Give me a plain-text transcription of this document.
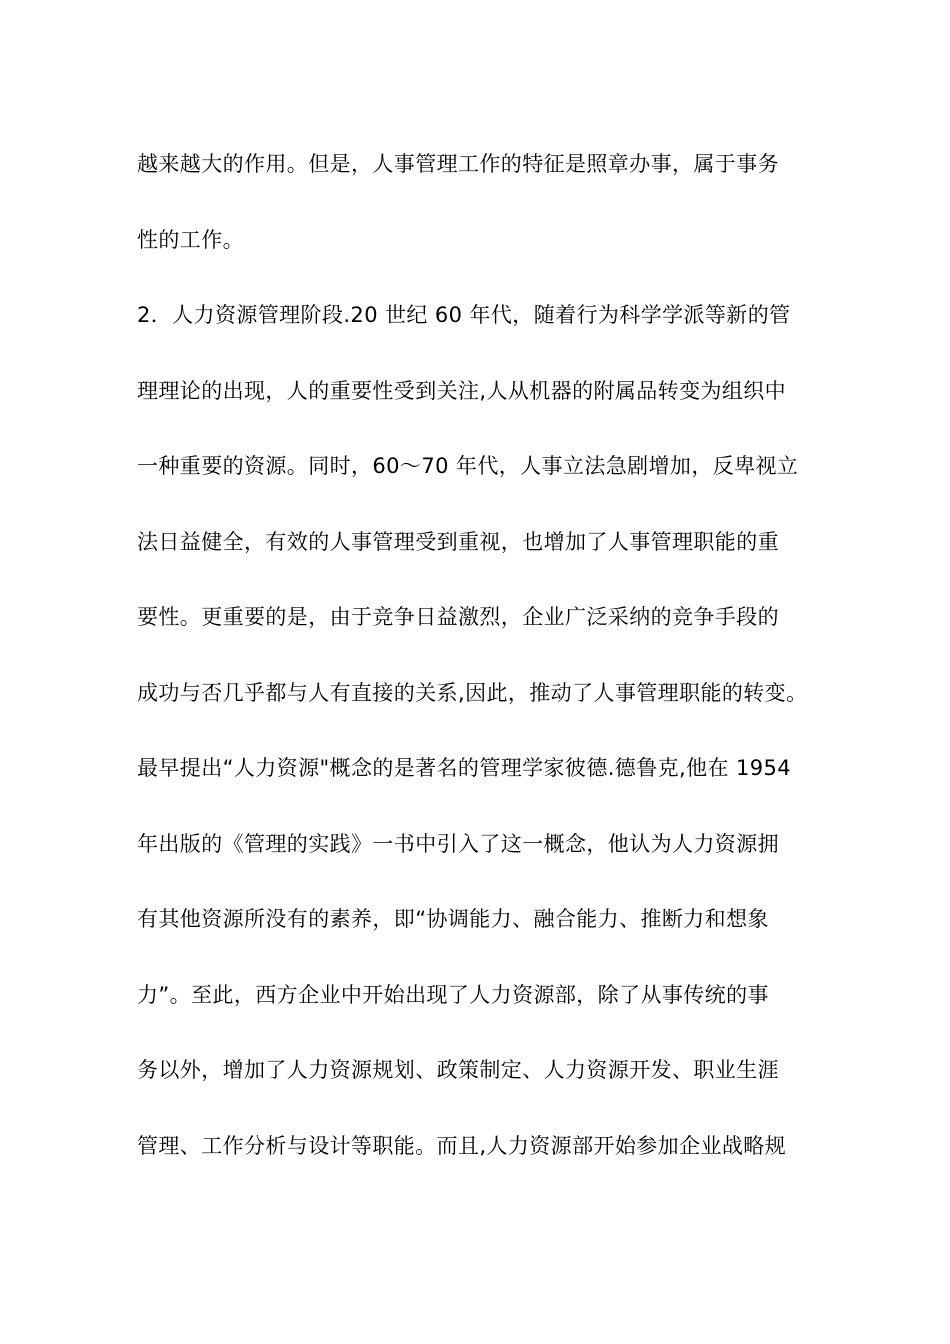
越来越大的作用。但是，人事管理工作的特征是照章办事，属于事务
性的工作。
2．人力资源管理阶段.20 世纪 60 年代，随着行为科学学派等新的管
理理论的出现，人的重要性受到关注,人从机器的附属品转变为组织中
一种重要的资源。同时，60～70 年代，人事立法急剧增加，反卑视立
法日益健全，有效的人事管理受到重视，也增加了人事管理职能的重
要性。更重要的是，由于竞争日益激烈，企业广泛采纳的竞争手段的
成功与否几乎都与人有直接的关系,因此，推动了人事管理职能的转变。
最早提出“人力资源"概念的是著名的管理学家彼德.德鲁克,他在 1954
年出版的《管理的实践》一书中引入了这一概念，他认为人力资源拥
有其他资源所没有的素养，即“协调能力、融合能力、推断力和想象
力”。至此，西方企业中开始出现了人力资源部，除了从事传统的事
务以外，增加了人力资源规划、政策制定、人力资源开发、职业生涯
管理、工作分析与设计等职能。而且,人力资源部开始参加企业战略规
